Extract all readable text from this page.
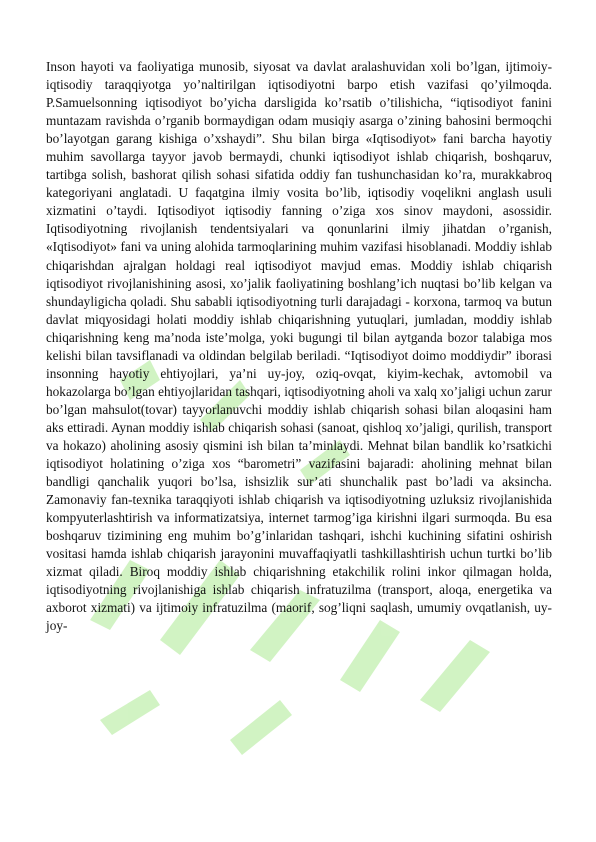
Inson hayoti va faoliyatiga munosib, siyosat va davlat aralashuvidan xoli bo’lgan, ijtimoiy-iqtisodiy taraqqiyotga yo’naltirilgan iqtisodiyotni barpo etish vazifasi qo’yilmoqda. P.Samuelsonning iqtisodiyot bo’yicha darsligida ko’rsatib o’tilishicha, “iqtisodiyot fanini muntazam ravishda o’rganib bormaydigan odam musiqiy asarga o’zining bahosini bermoqchi bo’layotgan garang kishiga o’xshaydi”. Shu bilan birga «Iqtisodiyot» fani barcha hayotiy muhim savollarga tayyor javob bermaydi, chunki iqtisodiyot ishlab chiqarish, boshqaruv, tartibga solish, bashorat qilish sohasi sifatida oddiy fan tushunchasidan ko’ra, murakkabroq kategoriyani anglatadi. U faqatgina ilmiy vosita bo’lib, iqtisodiy voqelikni anglash usuli xizmatini o’taydi. Iqtisodiyot iqtisodiy fanning o’ziga xos sinov maydoni, asossidir. Iqtisodiyotning rivojlanish tendentsiyalari va qonunlarini ilmiy jihatdan o’rganish, «Iqtisodiyot» fani va uning alohida tarmoqlarining muhim vazifasi hisoblanadi. Moddiy ishlab chiqarishdan ajralgan holdagi real iqtisodiyot mavjud emas. Moddiy ishlab chiqarish iqtisodiyot rivojlanishining asosi, xo’jalik faoliyatining boshlang’ich nuqtasi bo’lib kelgan va shundayligicha qoladi. Shu sababli iqtisodiyotning turli darajadagi - korxona, tarmoq va butun davlat miqyosidagi holati moddiy ishlab chiqarishning yutuqlari, jumladan, moddiy ishlab chiqarishning keng ma’noda iste’molga, yoki bugungi til bilan aytganda bozor talabiga mos kelishi bilan tavsiflanadi va oldindan belgilab beriladi. “Iqtisodiyot doimo moddiydir” iborasi insonning hayotiy ehtiyojlari, ya’ni uy-joy, oziq-ovqat, kiyim-kechak, avtomobil va hokazolarga bo’lgan ehtiyojlaridan tashqari, iqtisodiyotning aholi va xalq xo’jaligi uchun zarur bo’lgan mahsulot(tovar) tayyorlanuvchi moddiy ishlab chiqarish sohasi bilan aloqasini ham aks ettiradi. Aynan moddiy ishlab chiqarish sohasi (sanoat, qishloq xo’jaligi, qurilish, transport va hokazo) aholining asosiy qismini ish bilan ta’minlaydi. Mehnat bilan bandlik ko’rsatkichi iqtisodiyot holatining o’ziga xos “barometri” vazifasini bajaradi: aholining mehnat bilan bandligi qanchalik yuqori bo’lsa, ishsizlik sur’ati shunchalik past bo’ladi va aksincha. Zamonaviy fan-texnika taraqqiyoti ishlab chiqarish va iqtisodiyotning uzluksiz rivojlanishida kompyuterlashtirish va informatizatsiya, internet tarmog’iga kirishni ilgari surmoqda. Bu esa boshqaruv tizimining eng muhim bo’g’inlaridan tashqari, ishchi kuchining sifatini oshirish vositasi hamda ishlab chiqarish jarayonini muvaffaqiyatli tashkillashtirish uchun turtki bo’lib xizmat qiladi. Biroq moddiy ishlab chiqarishning etakchilik rolini inkor qilmagan holda, iqtisodiyotning rivojlanishiga ishlab chiqarish infratuzilma (transport, aloqa, energetika va axborot xizmati) va ijtimoiy infratuzilma (maorif, sog’liqni saqlash, umumiy ovqatlanish, uy-joy-
